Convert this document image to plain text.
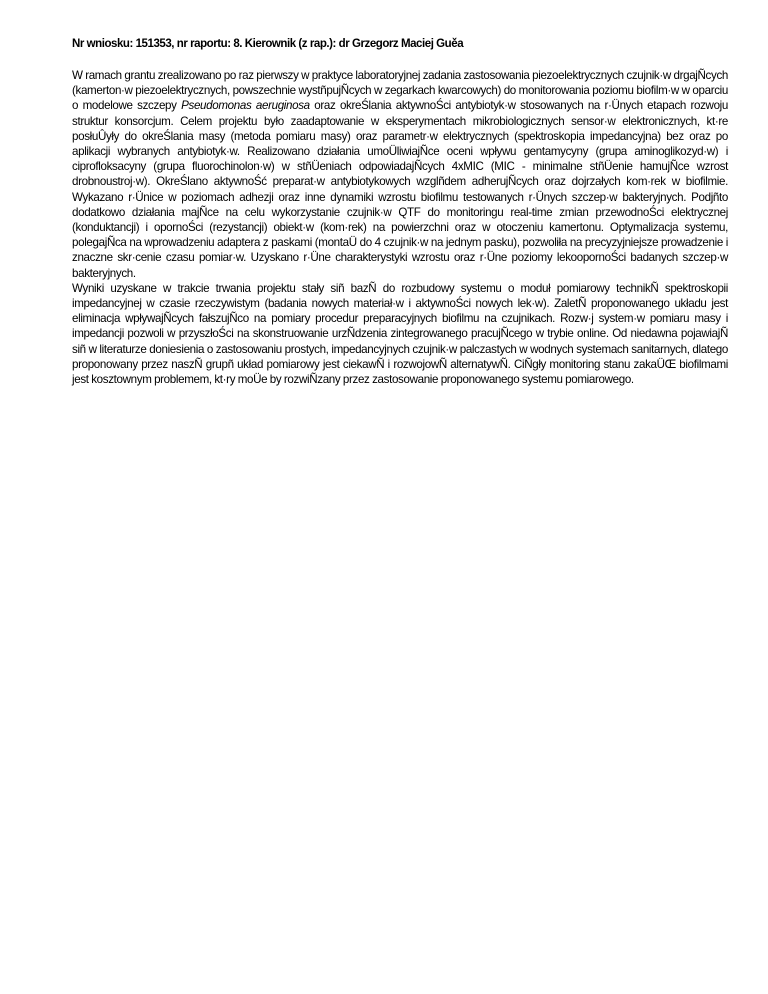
Nr wniosku: 151353, nr raportu: 8. Kierownik (z rap.): dr Grzegorz Maciej Guěa

W ramach grantu zrealizowano po raz pierwszy w praktyce laboratoryjnej zadania zastosowania piezoelektrycznych czujnik·w drgajÑcych (kamerton·w piezoelektrycznych, powszechnie wystñpujÑcych w zegarkach kwarcowych) do monitorowania poziomu biofilm·w w oparciu o modelowe szczepy Pseudomonas aeruginosa oraz okreŚlania aktywnoŚci antybiotyk·w stosowanych na r·Ünych etapach rozwoju struktur konsorcjum. Celem projektu było zaadaptowanie w eksperymentach mikrobiologicznych sensor·w elektronicznych, kt·re posłuÛyły do okreŚlania masy (metoda pomiaru masy) oraz parametr·w elektrycznych (spektroskopia impedancyjna) bez oraz po aplikacji wybranych antybiotyk·w. Realizowano działania umoÜliwiajÑce oceni wpływu gentamycyny (grupa aminoglikozyd·w) i ciprofloksacyny (grupa fluorochinolon·w) w stñÜeniach odpowiadajÑcych 4xMIC (MIC - minimalne stñÜenie hamujÑce wzrost drobnoustroj·w). OkreŚlano aktywnoŚć preparat·w antybiotykowych wzglñdem adherujÑcych oraz dojrzałych kom·rek w biofilmie. Wykazano r·Ünice w poziomach adhezji oraz inne dynamiki wzrostu biofilmu testowanych r·Ünych szczep·w bakteryjnych. Podjñto dodatkowo działania majÑce na celu wykorzystanie czujnik·w QTF do monitoringu real-time zmian przewodnoŚci elektrycznej (konduktancji) i opornoŚci (rezystancji) obiekt·w (kom·rek) na powierzchni oraz w otoczeniu kamertonu. Optymalizacja systemu, polegajÑca na wprowadzeniu adaptera z paskami (montaÜ do 4 czujnik·w na jednym pasku), pozwoliła na precyzyjniejsze prowadzenie i znaczne skr·cenie czasu pomiar·w. Uzyskano r·Üne charakterystyki wzrostu oraz r·Üne poziomy lekoopornoŚci badanych szczep·w bakteryjnych.

Wyniki uzyskane w trakcie trwania projektu stały siñ bazÑ do rozbudowy systemu o moduł pomiarowy technikÑ spektroskopii impedancyjnej w czasie rzeczywistym (badania nowych materiał·w i aktywnoŚci nowych lek·w). ZaletÑ proponowanego układu jest eliminacja wpływajÑcych fałszujÑco na pomiary procedur preparacyjnych biofilmu na czujnikach. Rozw·j system·w pomiaru masy i impedancji pozwoli w przyszłoŚci na skonstruowanie urzÑdzenia zintegrowanego pracujÑcego w trybie online. Od niedawna pojawiajÑ siñ w literaturze doniesienia o zastosowaniu prostych, impedancyjnych czujnik·w palczastych w wodnych systemach sanitarnych, dlatego proponowany przez naszÑ grupñ układ pomiarowy jest ciekawÑ i rozwojowÑ alternatywÑ. CiÑgły monitoring stanu zakaÜŒ biofilmami jest kosztownym problemem, kt·ry moÜe by rozwiÑzany przez zastosowanie proponowanego systemu pomiarowego.
